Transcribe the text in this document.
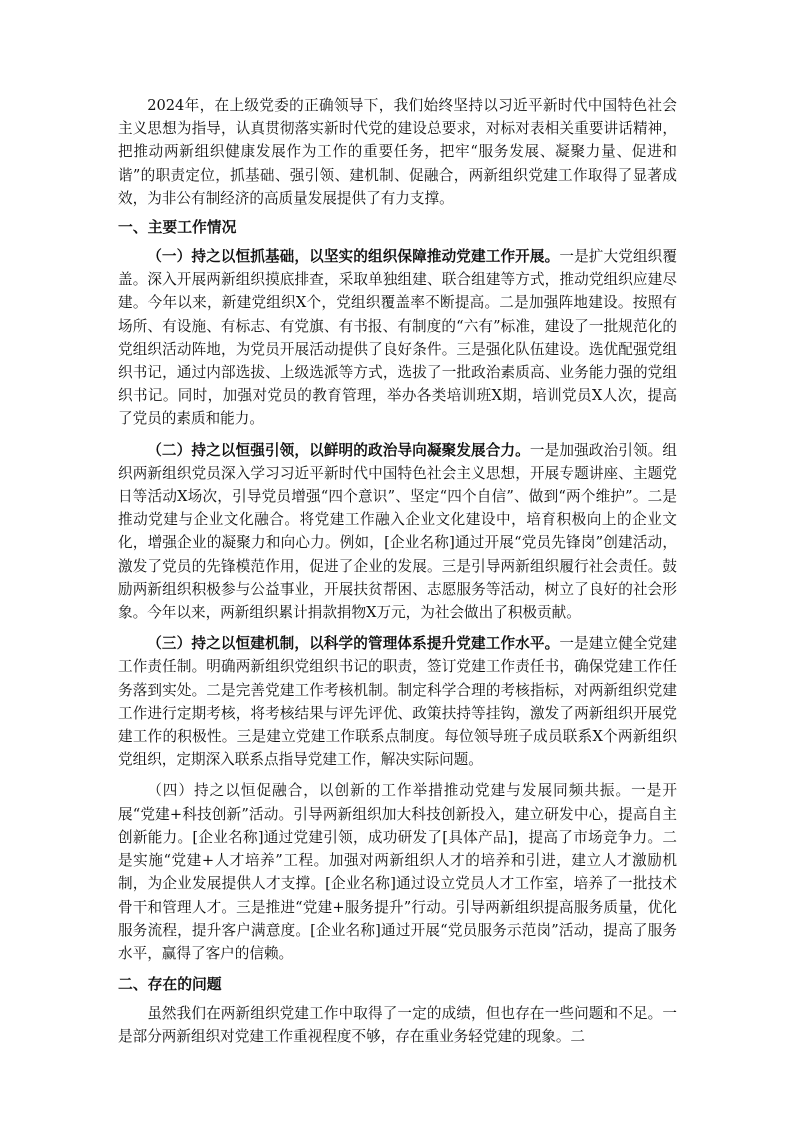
2024年，在上级党委的正确领导下，我们始终坚持以习近平新时代中国特色社会主义思想为指导，认真贯彻落实新时代党的建设总要求，对标对表相关重要讲话精神，把推动两新组织健康发展作为工作的重要任务，把牢“服务发展、凝聚力量、促进和谐”的职责定位，抓基础、强引领、建机制、促融合，两新组织党建工作取得了显著成效，为非公有制经济的高质量发展提供了有力支撑。

一、主要工作情况

（一）持之以恒抓基础，以坚实的组织保障推动党建工作开展。一是扩大党组织覆盖。深入开展两新组织摸底排查，采取单独组建、联合组建等方式，推动党组织应建尽建。今年以来，新建党组织X个，党组织覆盖率不断提高。二是加强阵地建设。按照有场所、有设施、有标志、有党旗、有书报、有制度的“六有”标准，建设了一批规范化的党组织活动阵地，为党员开展活动提供了良好条件。三是强化队伍建设。选优配强党组织书记，通过内部选拔、上级选派等方式，选拔了一批政治素质高、业务能力强的党组织书记。同时，加强对党员的教育管理，举办各类培训班X期，培训党员X人次，提高了党员的素质和能力。

（二）持之以恒强引领，以鲜明的政治导向凝聚发展合力。一是加强政治引领。组织两新组织党员深入学习习近平新时代中国特色社会主义思想，开展专题讲座、主题党日等活动X场次，引导党员增强“四个意识”、坚定“四个自信”、做到“两个维护”。二是推动党建与企业文化融合。将党建工作融入企业文化建设中，培育积极向上的企业文化，增强企业的凝聚力和向心力。例如，[企业名称]通过开展“党员先锋岗”创建活动，激发了党员的先锋模范作用，促进了企业的发展。三是引导两新组织履行社会责任。鼓励两新组织积极参与公益事业，开展扶贫帮困、志愿服务等活动，树立了良好的社会形象。今年以来，两新组织累计捐款捐物X万元，为社会做出了积极贡献。

（三）持之以恒建机制，以科学的管理体系提升党建工作水平。一是建立健全党建工作责任制。明确两新组织党组织书记的职责，签订党建工作责任书，确保党建工作任务落到实处。二是完善党建工作考核机制。制定科学合理的考核指标，对两新组织党建工作进行定期考核，将考核结果与评先评优、政策扶持等挂钩，激发了两新组织开展党建工作的积极性。三是建立党建工作联系点制度。每位领导班子成员联系X个两新组织党组织，定期深入联系点指导党建工作，解决实际问题。

（四）持之以恒促融合，以创新的工作举措推动党建与发展同频共振。一是开展“党建+科技创新”活动。引导两新组织加大科技创新投入，建立研发中心，提高自主创新能力。[企业名称]通过党建引领，成功研发了[具体产品]，提高了市场竞争力。二是实施“党建+人才培养”工程。加强对两新组织人才的培养和引进，建立人才激励机制，为企业发展提供人才支撑。[企业名称]通过设立党员人才工作室，培养了一批技术骨干和管理人才。三是推进“党建+服务提升”行动。引导两新组织提高服务质量，优化服务流程，提升客户满意度。[企业名称]通过开展“党员服务示范岗”活动，提高了服务水平，赢得了客户的信赖。

二、存在的问题

虽然我们在两新组织党建工作中取得了一定的成绩，但也存在一些问题和不足。一是部分两新组织对党建工作重视程度不够，存在重业务轻党建的现象。二
